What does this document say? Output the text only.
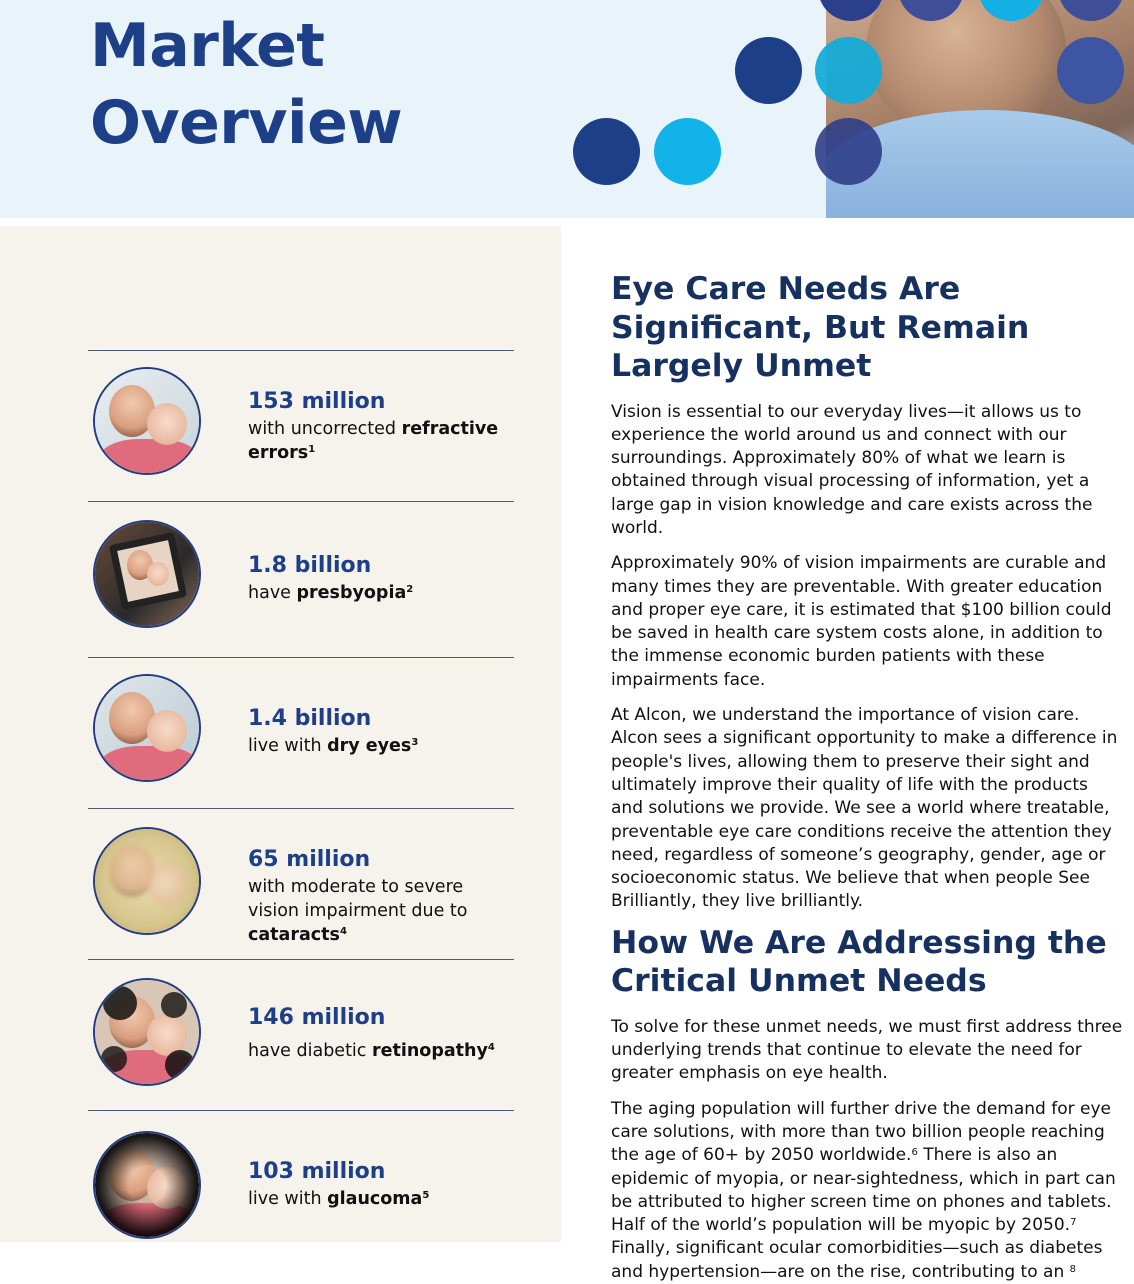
Market
Overview
153 million
with uncorrected refractive errors$^1$
1.8 billion
have presbyopia$^2$
1.4 billion
live with dry eyes$^3$
65 million
with moderate to severe vision impairment due to cataracts$^4$
146 million
have diabetic retinopathy$^4$
103 million
live with glaucoma$^5$
Eye Care Needs Are Significant, But Remain Largely Unmet

Vision is essential to our everyday lives—it allows us to experience the world around us and connect with our surroundings. Approximately 80% of what we learn is obtained through visual processing of information, yet a large gap in vision knowledge and care exists across the world.

Approximately 90% of vision impairments are curable and many times they are preventable. With greater education and proper eye care, it is estimated that $100 billion could be saved in health care system costs alone, in addition to the immense economic burden patients with these impairments face.

At Alcon, we understand the importance of vision care. Alcon sees a significant opportunity to make a difference in people's lives, allowing them to preserve their sight and ultimately improve their quality of life with the products and solutions we provide. We see a world where treatable, preventable eye care conditions receive the attention they need, regardless of someone’s geography, gender, age or socioeconomic status. We believe that when people See Brilliantly, they live brilliantly.

How We Are Addressing the Critical Unmet Needs

To solve for these unmet needs, we must first address three underlying trends that continue to elevate the need for greater emphasis on eye health.

The aging population will further drive the demand for eye care solutions, with more than two billion people reaching the age of 60+ by 2050 worldwide.$^6$ There is also an epidemic of myopia, or near-sightedness, which in part can be attributed to higher screen time on phones and tablets. Half of the world’s population will be myopic by 2050.$^7$ Finally, significant ocular comorbidities—such as diabetes and hypertension—are on the rise, contributing to an $^8$
